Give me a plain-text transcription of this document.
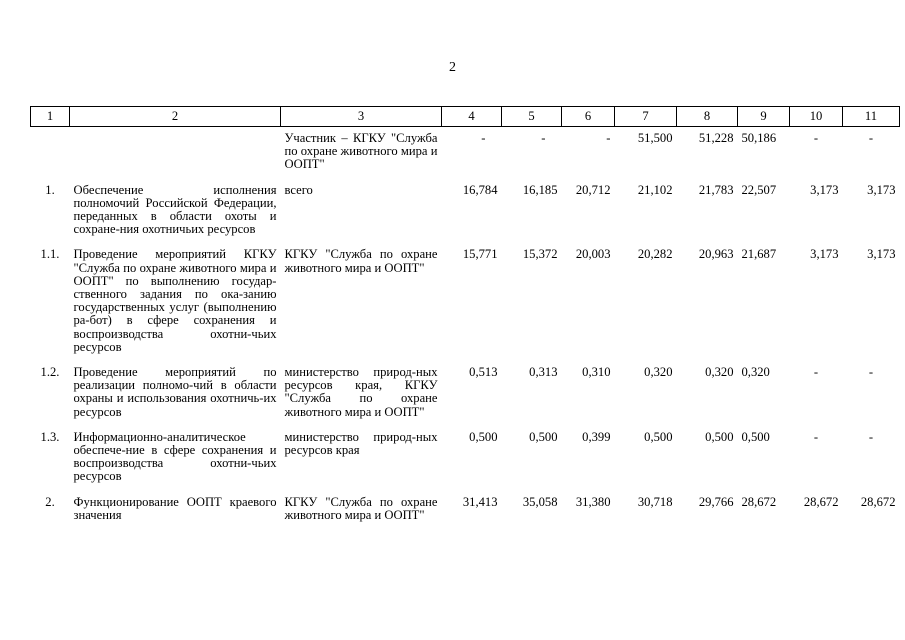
2
1	2	3	4	5	6	7	8	9	10	11
		Участник – КГКУ "Служба по охране животного мира и ООПТ"	-	-	-	51,500	51,228	50,186	-	-
1.	Обеспечение исполнения полномочий Российской Федерации, переданных в области охоты и сохране-ния охотничьих ресурсов	всего	16,784	16,185	20,712	21,102	21,783	22,507	3,173	3,173
1.1.	Проведение мероприятий КГКУ "Служба по охране животного мира и ООПТ" по выполнению государ-ственного задания по ока-занию государственных услуг (выполнению ра-бот) в сфере сохранения и воспроизводства охотни-чьих ресурсов	КГКУ "Служба по охране животного мира и ООПТ"	15,771	15,372	20,003	20,282	20,963	21,687	3,173	3,173
1.2.	Проведение мероприятий по реализации полномо-чий в области охраны и использования охотничь-их ресурсов	министерство природ-ных ресурсов края, КГКУ "Служба по охране животного мира и ООПТ"	0,513	0,313	0,310	0,320	0,320	0,320	-	-
1.3.	Информационно-аналитическое обеспече-ние в сфере сохранения и воспроизводства охотни-чьих ресурсов	министерство природ-ных ресурсов края	0,500	0,500	0,399	0,500	0,500	0,500	-	-
2.	Функционирование ООПТ краевого значения	КГКУ "Служба по охране животного мира и ООПТ"	31,413	35,058	31,380	30,718	29,766	28,672	28,672	28,672
